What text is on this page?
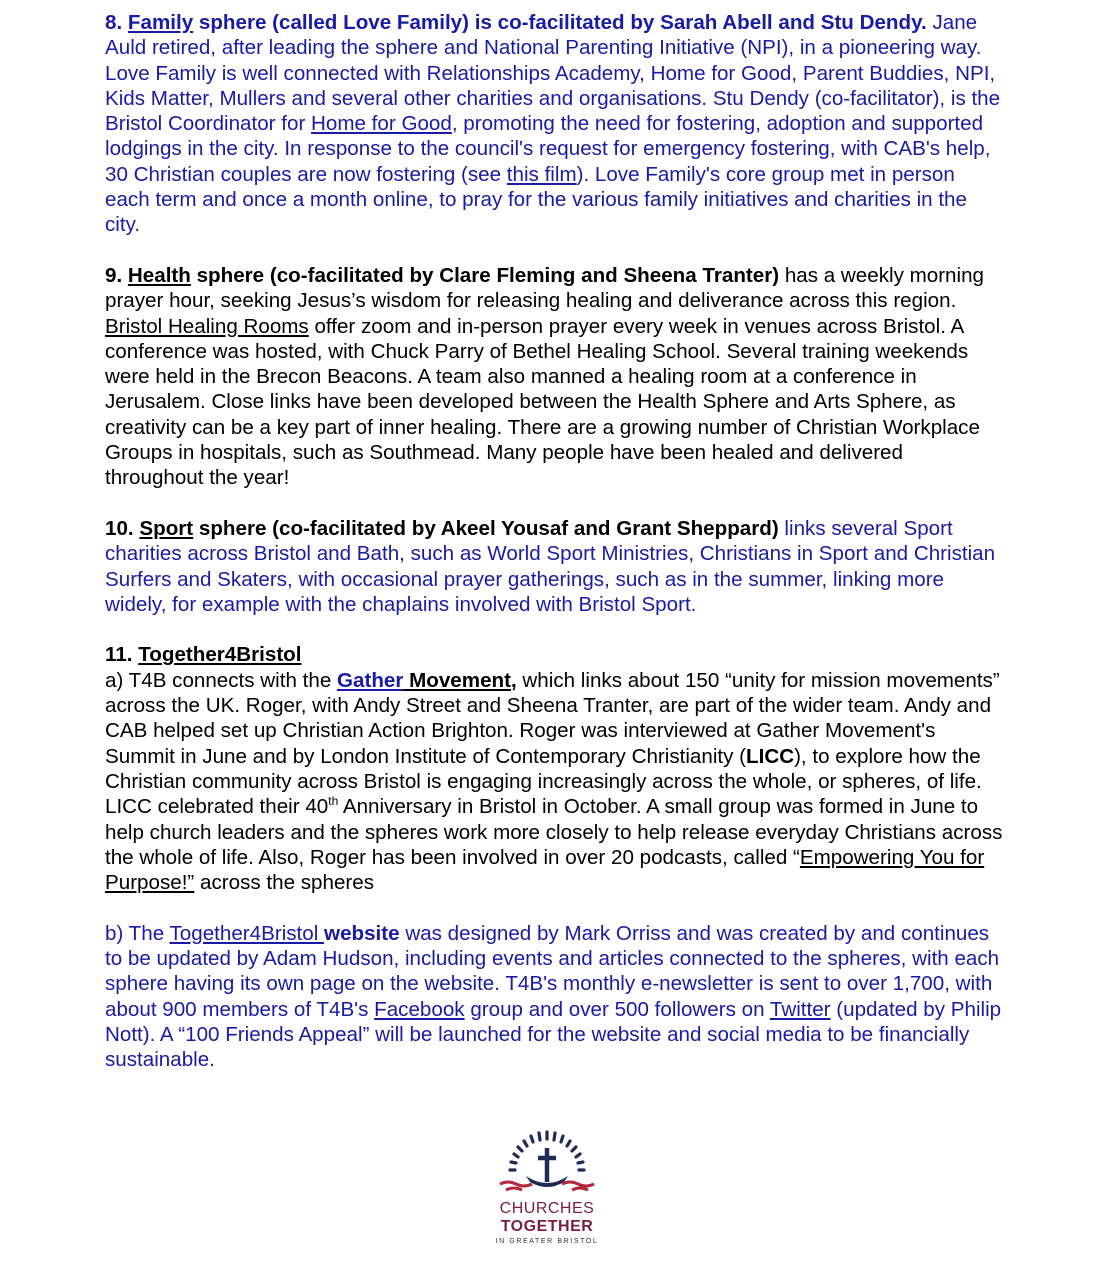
8. Family sphere (called Love Family) is co-facilitated by Sarah Abell and Stu Dendy. Jane Auld retired, after leading the sphere and National Parenting Initiative (NPI), in a pioneering way. Love Family is well connected with Relationships Academy, Home for Good, Parent Buddies, NPI, Kids Matter, Mullers and several other charities and organisations. Stu Dendy (co-facilitator), is the Bristol Coordinator for Home for Good, promoting the need for fostering, adoption and supported lodgings in the city. In response to the council's request for emergency fostering, with CAB's help, 30 Christian couples are now fostering (see this film). Love Family's core group met in person each term and once a month online, to pray for the various family initiatives and charities in the city.

9. Health sphere (co-facilitated by Clare Fleming and Sheena Tranter) has a weekly morning prayer hour, seeking Jesus’s wisdom for releasing healing and deliverance across this region. Bristol Healing Rooms offer zoom and in-person prayer every week in venues across Bristol. A conference was hosted, with Chuck Parry of Bethel Healing School. Several training weekends were held in the Brecon Beacons. A team also manned a healing room at a conference in Jerusalem. Close links have been developed between the Health Sphere and Arts Sphere, as creativity can be a key part of inner healing. There are a growing number of Christian Workplace Groups in hospitals, such as Southmead. Many people have been healed and delivered throughout the year!

10. Sport sphere (co-facilitated by Akeel Yousaf and Grant Sheppard) links several Sport charities across Bristol and Bath, such as World Sport Ministries, Christians in Sport and Christian Surfers and Skaters, with occasional prayer gatherings, such as in the summer, linking more widely, for example with the chaplains involved with Bristol Sport.

11. Together4Bristol

a) T4B connects with the Gather Movement, which links about 150 “unity for mission movements” across the UK. Roger, with Andy Street and Sheena Tranter, are part of the wider team. Andy and CAB helped set up Christian Action Brighton. Roger was interviewed at Gather Movement's Summit in June and by London Institute of Contemporary Christianity (LICC), to explore how the Christian community across Bristol is engaging increasingly across the whole, or spheres, of life. LICC celebrated their 40th Anniversary in Bristol in October. A small group was formed in June to help church leaders and the spheres work more closely to help release everyday Christians across the whole of life. Also, Roger has been involved in over 20 podcasts, called “Empowering You for Purpose!” across the spheres

b) The Together4Bristol website was designed by Mark Orriss and was created by and continues to be updated by Adam Hudson, including events and articles connected to the spheres, with each sphere having its own page on the website. T4B's monthly e-newsletter is sent to over 1,700, with about 900 members of T4B's Facebook group and over 500 followers on Twitter (updated by Philip Nott). A “100 Friends Appeal” will be launched for the website and social media to be financially sustainable.

CHURCHES
TOGETHER
IN GREATER BRISTOL
